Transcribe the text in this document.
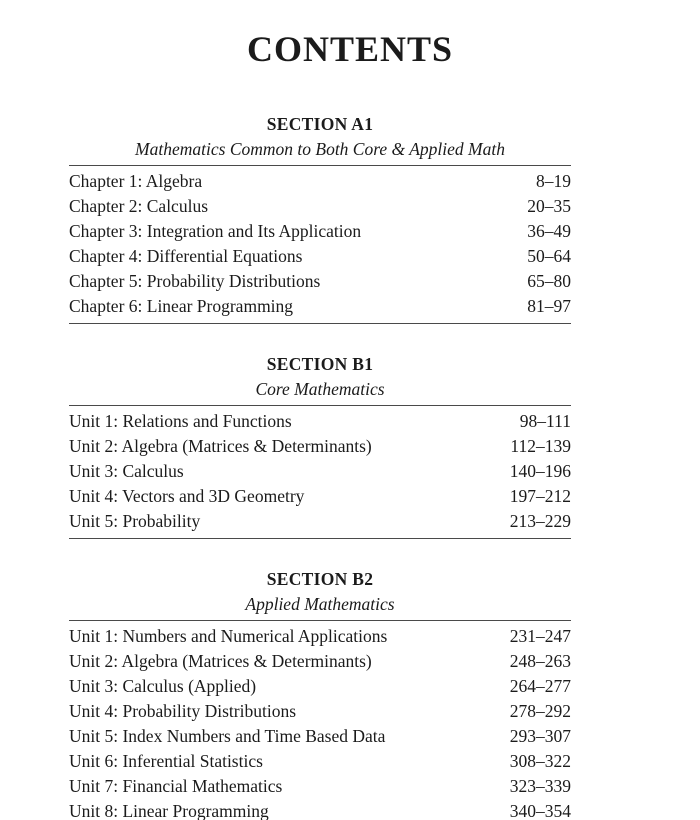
CONTENTS
SECTION A1
Mathematics Common to Both Core & Applied Math
Chapter 1: Algebra	8–19
Chapter 2: Calculus	20–35
Chapter 3: Integration and Its Application	36–49
Chapter 4: Differential Equations	50–64
Chapter 5: Probability Distributions	65–80
Chapter 6: Linear Programming	81–97
SECTION B1
Core Mathematics
Unit 1: Relations and Functions	98–111
Unit 2: Algebra (Matrices & Determinants)	112–139
Unit 3: Calculus	140–196
Unit 4: Vectors and 3D Geometry	197–212
Unit 5: Probability	213–229
SECTION B2
Applied Mathematics
Unit 1: Numbers and Numerical Applications	231–247
Unit 2: Algebra (Matrices & Determinants)	248–263
Unit 3: Calculus (Applied)	264–277
Unit 4: Probability Distributions	278–292
Unit 5: Index Numbers and Time Based Data	293–307
Unit 6: Inferential Statistics	308–322
Unit 7: Financial Mathematics	323–339
Unit 8: Linear Programming	340–354
